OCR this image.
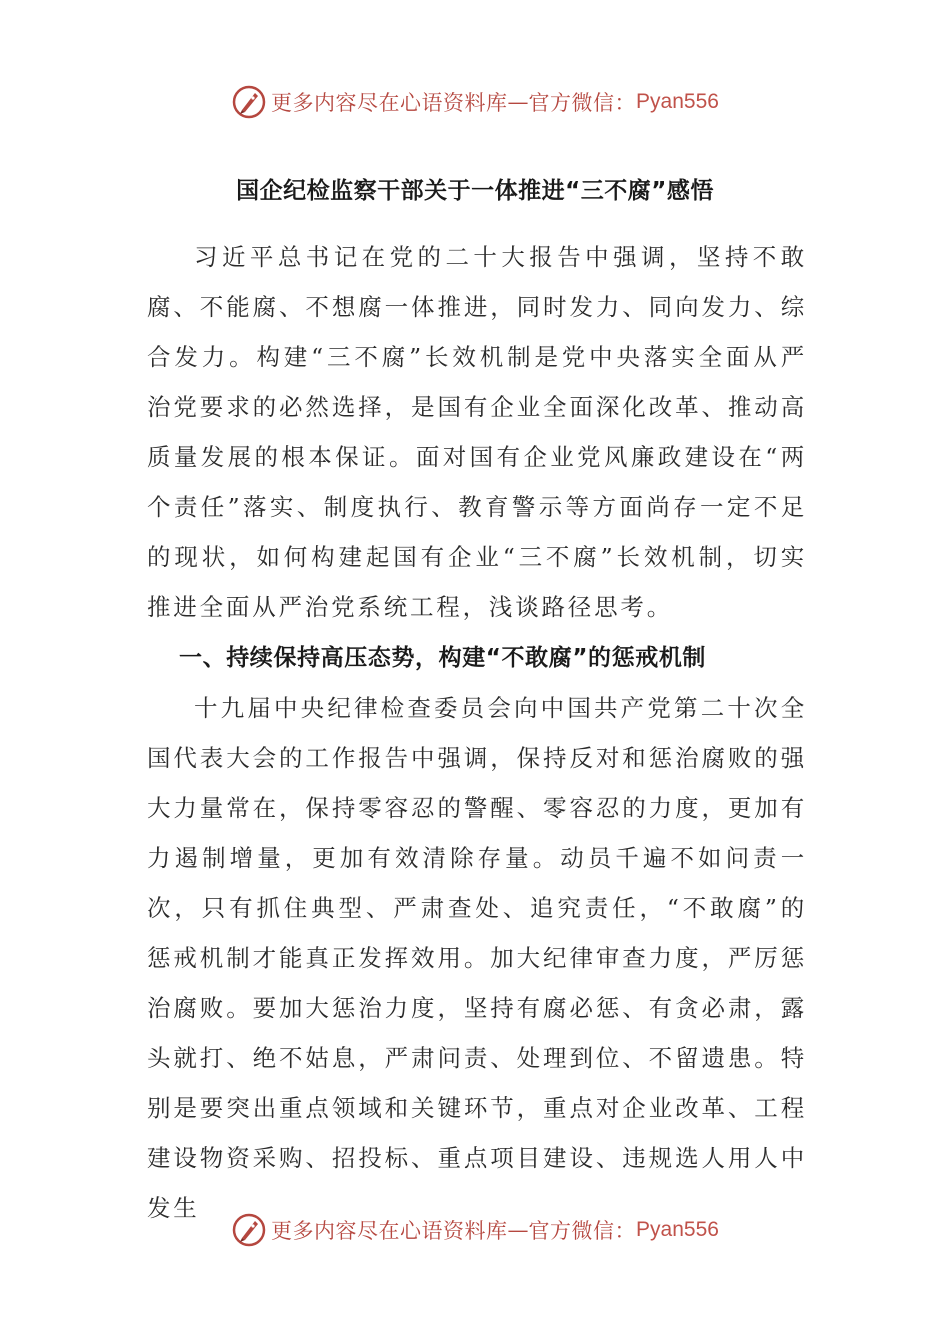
更多内容尽在心语资料库 — 官方微信： Pyan556
国企纪检监察干部关于一体推进“三不腐”感悟

习近平总书记在党的二十大报告中强调，坚持不敢腐、不能腐、不想腐一体推进，同时发力、同向发力、综合发力。构建“三不腐”长效机制是党中央落实全面从严治党要求的必然选择，是国有企业全面深化改革、推动高质量发展的根本保证。面对国有企业党风廉政建设在“两个责任”落实、制度执行、教育警示等方面尚存一定不足的现状，如何构建起国有企业“三不腐”长效机制，切实推进全面从严治党系统工程，浅谈路径思考。

一、持续保持高压态势，构建“不敢腐”的惩戒机制

十九届中央纪律检查委员会向中国共产党第二十次全国代表大会的工作报告中强调，保持反对和惩治腐败的强大力量常在，保持零容忍的警醒、零容忍的力度，更加有力遏制增量，更加有效清除存量。动员千遍不如问责一次，只有抓住典型、严肃查处、追究责任，“不敢腐”的惩戒机制才能真正发挥效用。加大纪律审查力度，严厉惩治腐败。要加大惩治力度，坚持有腐必惩、有贪必肃，露头就打、绝不姑息，严肃问责、处理到位、不留遗患。特别是要突出重点领域和关键环节，重点对企业改革、工程建设物资采购、招投标、重点项目建设、违规选人用人中发生

更多内容尽在心语资料库 — 官方微信： Pyan556
